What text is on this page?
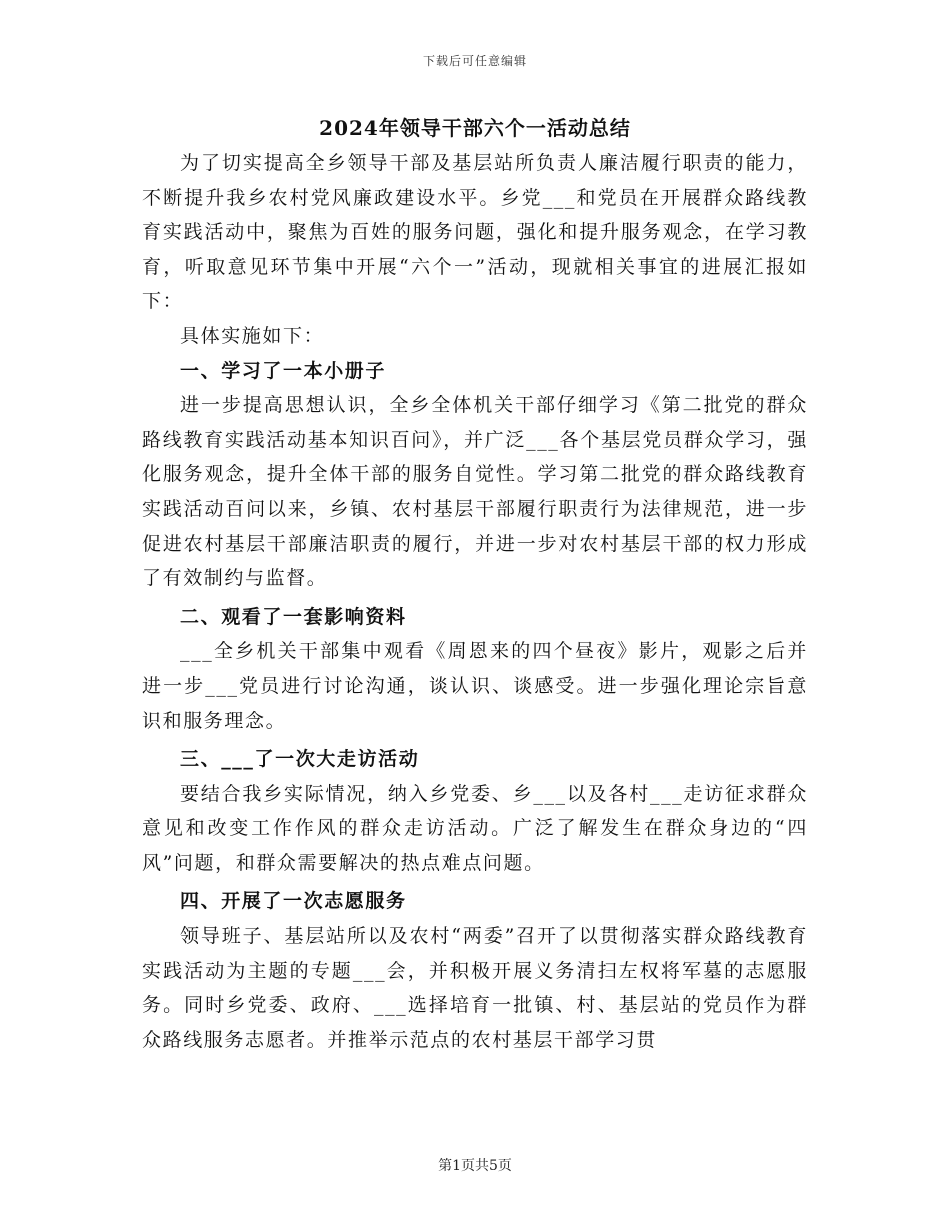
下载后可任意编辑
2024年领导干部六个一活动总结

为了切实提高全乡领导干部及基层站所负责人廉洁履行职责的能力，不断提升我乡农村党风廉政建设水平。乡党___和党员在开展群众路线教育实践活动中，聚焦为百姓的服务问题，强化和提升服务观念，在学习教育，听取意见环节集中开展“六个一”活动，现就相关事宜的进展汇报如下：

具体实施如下：

一、学习了一本小册子

进一步提高思想认识，全乡全体机关干部仔细学习《第二批党的群众路线教育实践活动基本知识百问》，并广泛___各个基层党员群众学习，强化服务观念，提升全体干部的服务自觉性。学习第二批党的群众路线教育实践活动百问以来，乡镇、农村基层干部履行职责行为法律规范，进一步促进农村基层干部廉洁职责的履行，并进一步对农村基层干部的权力形成了有效制约与监督。

二、观看了一套影响资料

___全乡机关干部集中观看《周恩来的四个昼夜》影片，观影之后并进一步___党员进行讨论沟通，谈认识、谈感受。进一步强化理论宗旨意识和服务理念。

三、___了一次大走访活动

要结合我乡实际情况，纳入乡党委、乡___以及各村___走访征求群众意见和改变工作作风的群众走访活动。广泛了解发生在群众身边的“四风”问题，和群众需要解决的热点难点问题。

四、开展了一次志愿服务

领导班子、基层站所以及农村“两委”召开了以贯彻落实群众路线教育实践活动为主题的专题___会，并积极开展义务清扫左权将军墓的志愿服务。同时乡党委、政府、___选择培育一批镇、村、基层站的党员作为群众路线服务志愿者。并推举示范点的农村基层干部学习贯

第1页共5页
